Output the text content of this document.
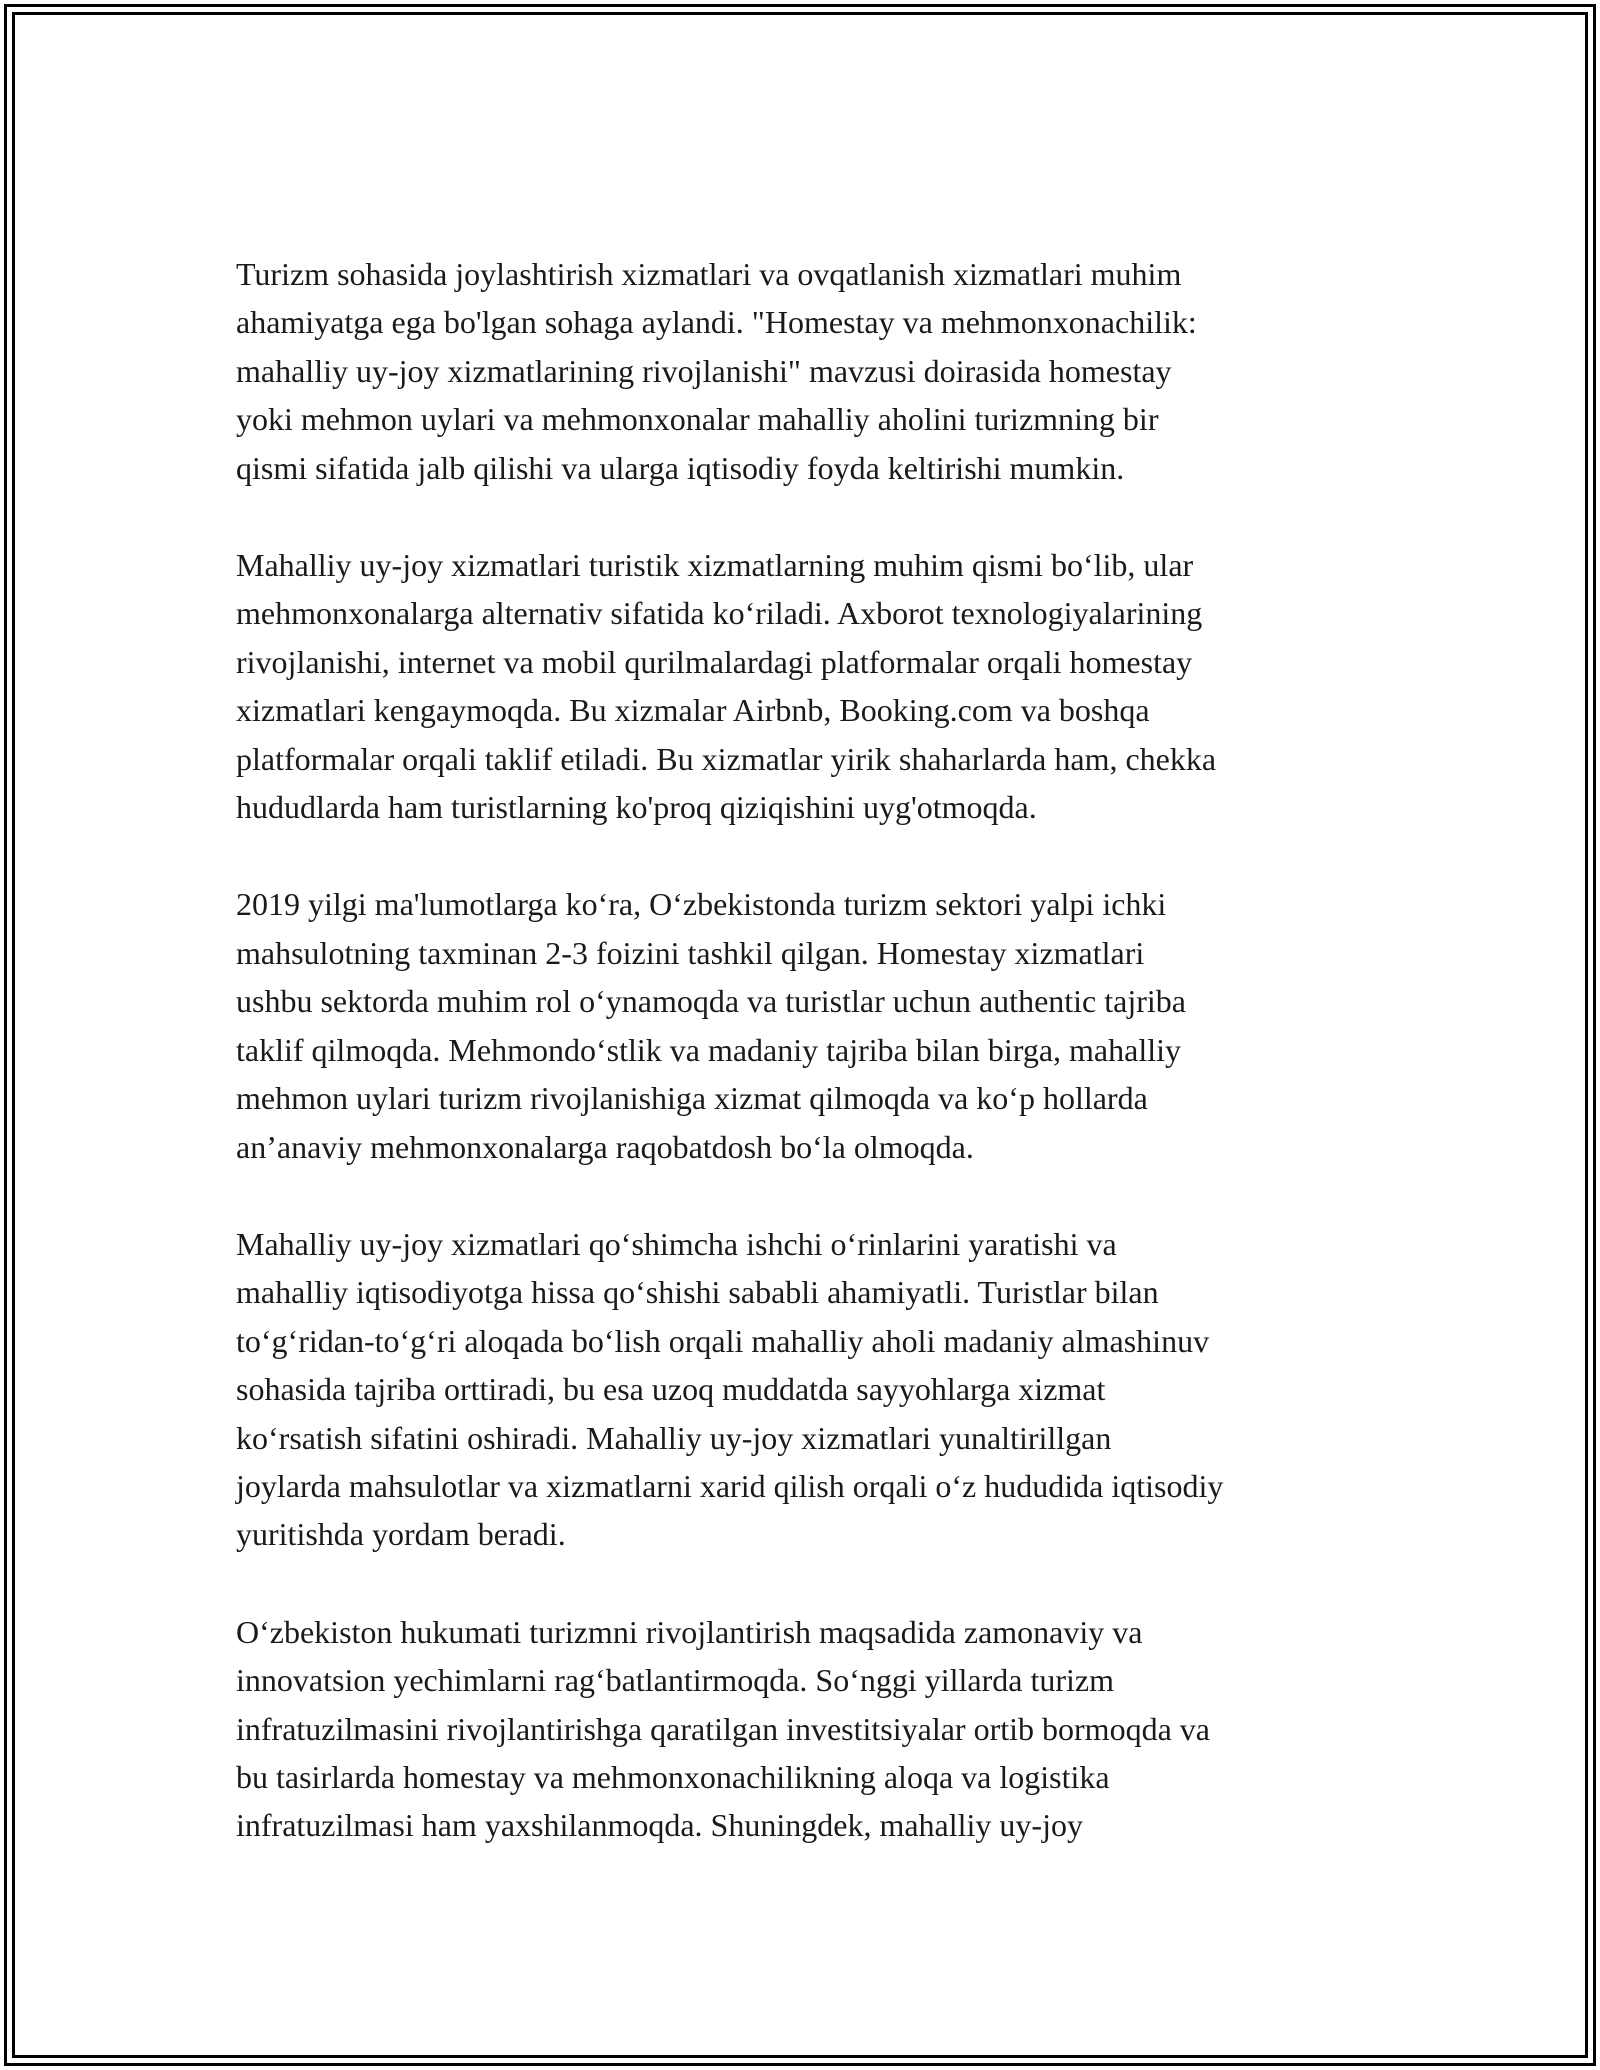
Turizm sohasida joylashtirish xizmatlari va ovqatlanish xizmatlari muhim
ahamiyatga ega bo'lgan sohaga aylandi. "Homestay va mehmonxonachilik:
mahalliy uy-joy xizmatlarining rivojlanishi" mavzusi doirasida homestay
yoki mehmon uylari va mehmonxonalar mahalliy aholini turizmning bir
qismi sifatida jalb qilishi va ularga iqtisodiy foyda keltirishi mumkin.

Mahalliy uy-joy xizmatlari turistik xizmatlarning muhim qismi bo‘lib, ular
mehmonxonalarga alternativ sifatida ko‘riladi. Axborot texnologiyalarining
rivojlanishi, internet va mobil qurilmalardagi platformalar orqali homestay
xizmatlari kengaymoqda. Bu xizmalar Airbnb, Booking.com va boshqa
platformalar orqali taklif etiladi. Bu xizmatlar yirik shaharlarda ham, chekka
hududlarda ham turistlarning ko'proq qiziqishini uyg'otmoqda.

2019 yilgi ma'lumotlarga ko‘ra, O‘zbekistonda turizm sektori yalpi ichki
mahsulotning taxminan 2-3 foizini tashkil qilgan. Homestay xizmatlari
ushbu sektorda muhim rol o‘ynamoqda va turistlar uchun authentic tajriba
taklif qilmoqda. Mehmondo‘stlik va madaniy tajriba bilan birga, mahalliy
mehmon uylari turizm rivojlanishiga xizmat qilmoqda va ko‘p hollarda
an’anaviy mehmonxonalarga raqobatdosh bo‘la olmoqda.

Mahalliy uy-joy xizmatlari qo‘shimcha ishchi o‘rinlarini yaratishi va
mahalliy iqtisodiyotga hissa qo‘shishi sababli ahamiyatli. Turistlar bilan
to‘g‘ridan-to‘g‘ri aloqada bo‘lish orqali mahalliy aholi madaniy almashinuv
sohasida tajriba orttiradi, bu esa uzoq muddatda sayyohlarga xizmat
ko‘rsatish sifatini oshiradi. Mahalliy uy-joy xizmatlari yunaltirillgan
joylarda mahsulotlar va xizmatlarni xarid qilish orqali o‘z hududida iqtisodiy
yuritishda yordam beradi.

O‘zbekiston hukumati turizmni rivojlantirish maqsadida zamonaviy va
innovatsion yechimlarni rag‘batlantirmoqda. So‘nggi yillarda turizm
infratuzilmasini rivojlantirishga qaratilgan investitsiyalar ortib bormoqda va
bu tasirlarda homestay va mehmonxonachilikning aloqa va logistika
infratuzilmasi ham yaxshilanmoqda. Shuningdek, mahalliy uy-joy
